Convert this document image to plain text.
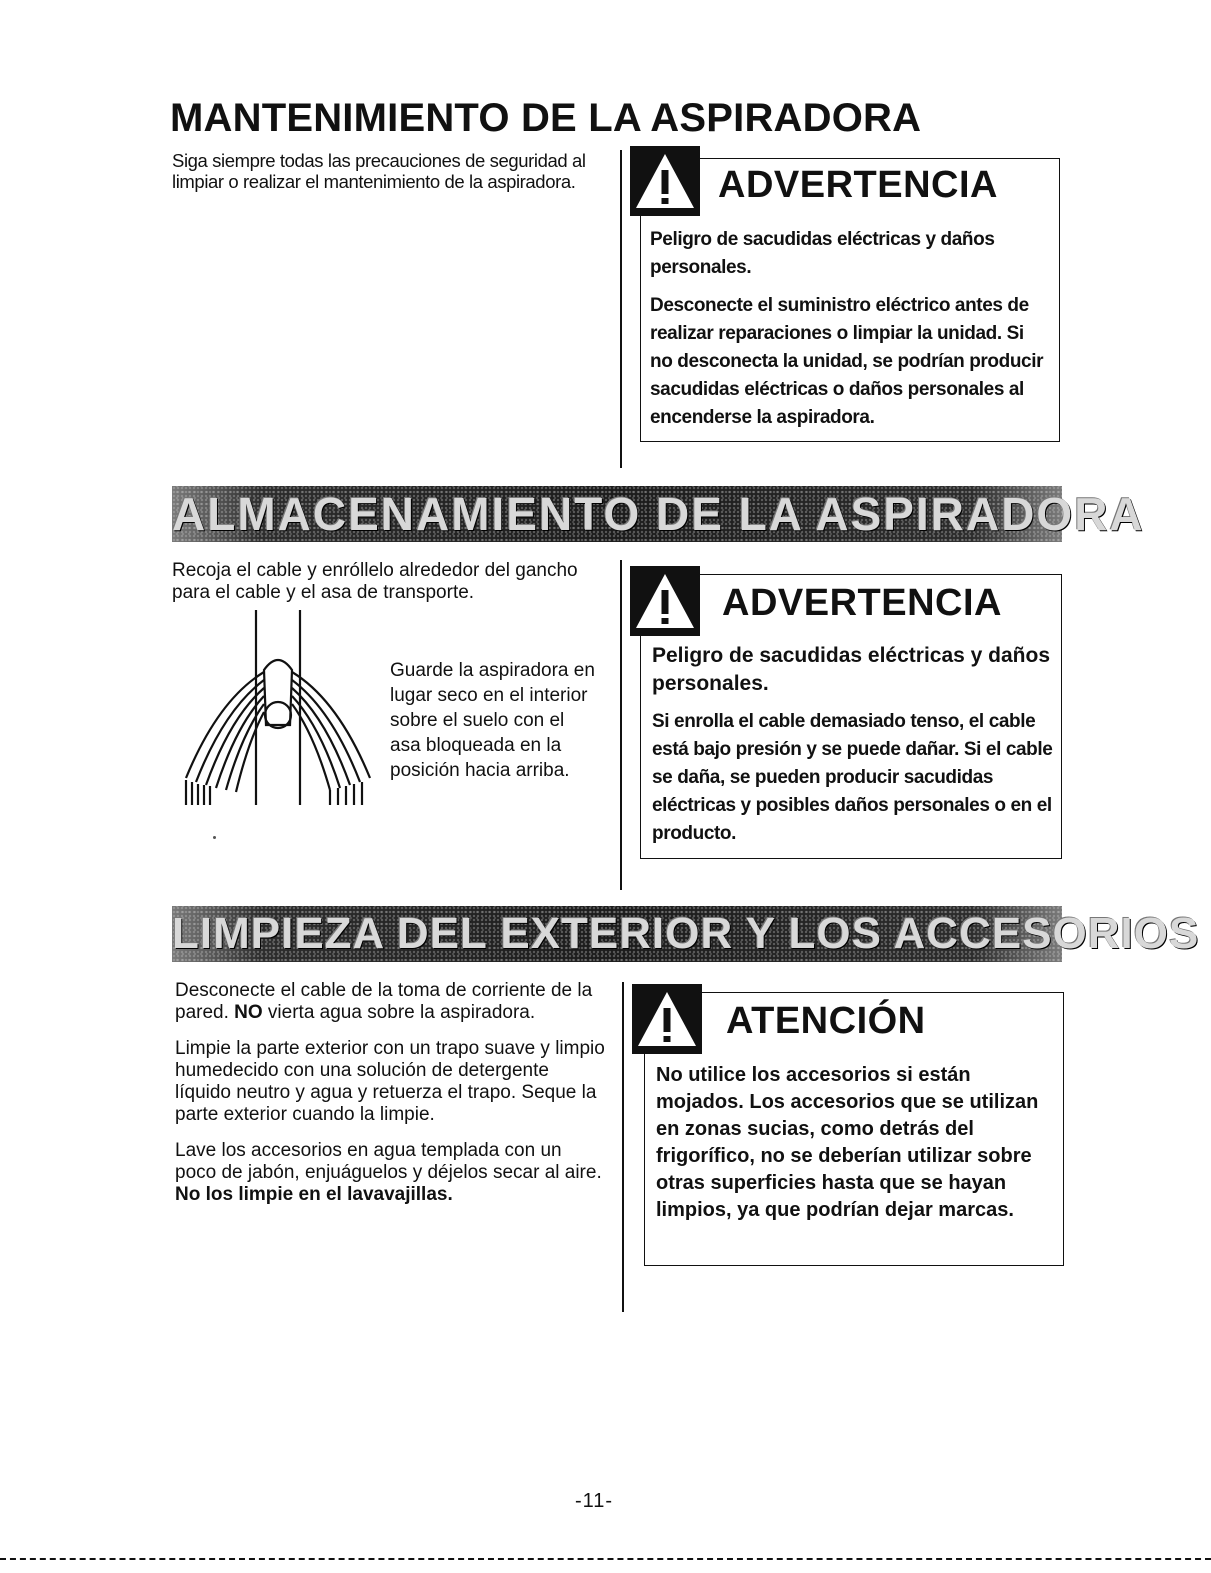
MANTENIMIENTO DE LA ASPIRADORA

Siga siempre todas las precauciones de seguridad al limpiar o realizar el mantenimiento de la aspiradora.	ADVERTENCIA

Peligro de sacudidas eléctricas y daños personales.

Desconecte el suministro eléctrico antes de realizar reparaciones o limpiar la unidad. Si no desconecta la unidad, se podrían producir sacudidas eléctricas o daños personales al encenderse la aspiradora.

ALMACENAMIENTO DE LA ASPIRADORA

Recoja el cable y enróllelo alrededor del gancho para el cable y el asa de transporte.

Guarde la aspiradora en lugar seco en el interior sobre el suelo con el asa bloqueada en la posición hacia arriba.

ADVERTENCIA

Peligro de sacudidas eléctricas y daños personales.

Si enrolla el cable demasiado tenso, el cable está bajo presión y se puede dañar. Si el cable se daña, se pueden producir sacudidas eléctricas y posibles daños personales o en el producto.

LIMPIEZA DEL EXTERIOR Y LOS ACCESORIOS

Desconecte el cable de la toma de corriente de la pared. NO vierta agua sobre la aspiradora.

Limpie la parte exterior con un trapo suave y limpio humedecido con una solución de detergente líquido neutro y agua y retuerza el trapo. Seque la parte exterior cuando la limpie.

Lave los accesorios en agua templada con un poco de jabón, enjuáguelos y déjelos secar al aire. No los limpie en el lavavajillas.

ATENCIÓN

No utilice los accesorios si están mojados. Los accesorios que se utilizan en zonas sucias, como detrás del frigorífico, no se deberían utilizar sobre otras superficies hasta que se hayan limpios, ya que podrían dejar marcas.

-11-
